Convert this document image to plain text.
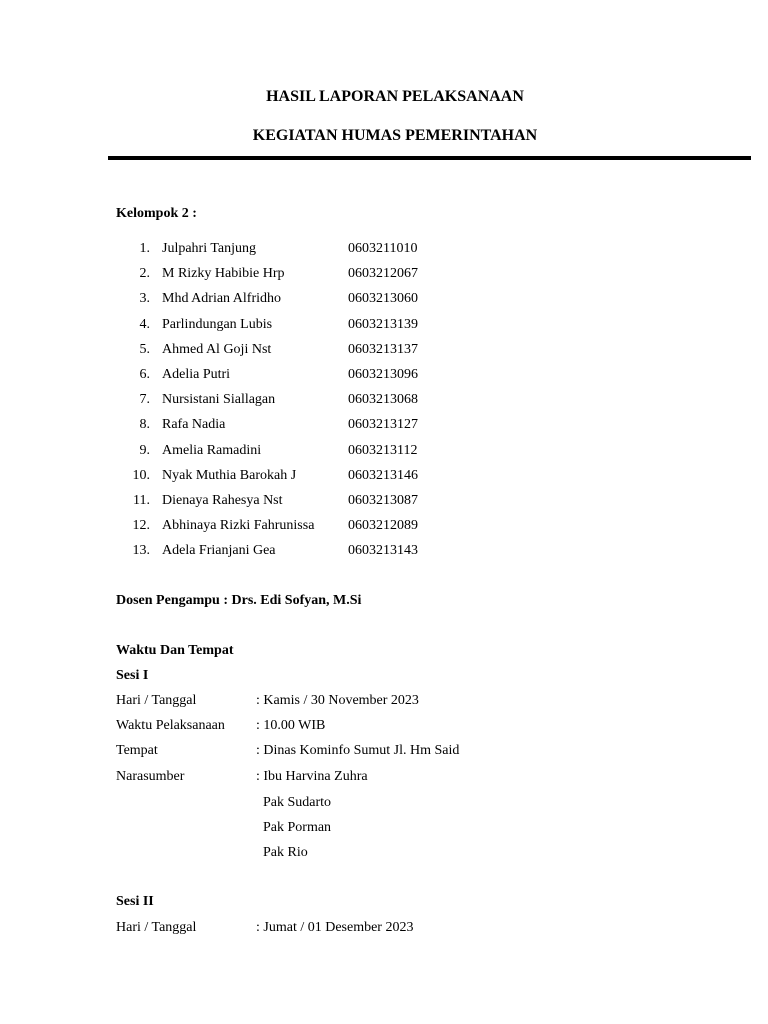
HASIL LAPORAN PELAKSANAAN
KEGIATAN HUMAS PEMERINTAHAN
Kelompok 2 :
1. Julpahri Tanjung	0603211010
2. M Rizky Habibie Hrp	0603212067
3. Mhd Adrian Alfridho	0603213060
4. Parlindungan Lubis	0603213139
5. Ahmed Al Goji Nst	0603213137
6. Adelia Putri	0603213096
7. Nursistani Siallagan	0603213068
8. Rafa Nadia	0603213127
9. Amelia Ramadini	0603213112
10. Nyak Muthia Barokah J	0603213146
11. Dienaya Rahesya Nst	0603213087
12. Abhinaya Rizki Fahrunissa 0603212089
13. Adela Frianjani Gea	0603213143
Dosen Pengampu : Drs. Edi Sofyan, M.Si
Waktu Dan Tempat
Sesi I
Hari / Tanggal	: Kamis / 30 November 2023
Waktu Pelaksanaan : 10.00 WIB
Tempat	: Dinas Kominfo Sumut Jl. Hm Said
Narasumber	: Ibu Harvina Zuhra
Pak Sudarto
Pak Porman
Pak Rio
Sesi II
Hari / Tanggal	: Jumat / 01 Desember 2023
